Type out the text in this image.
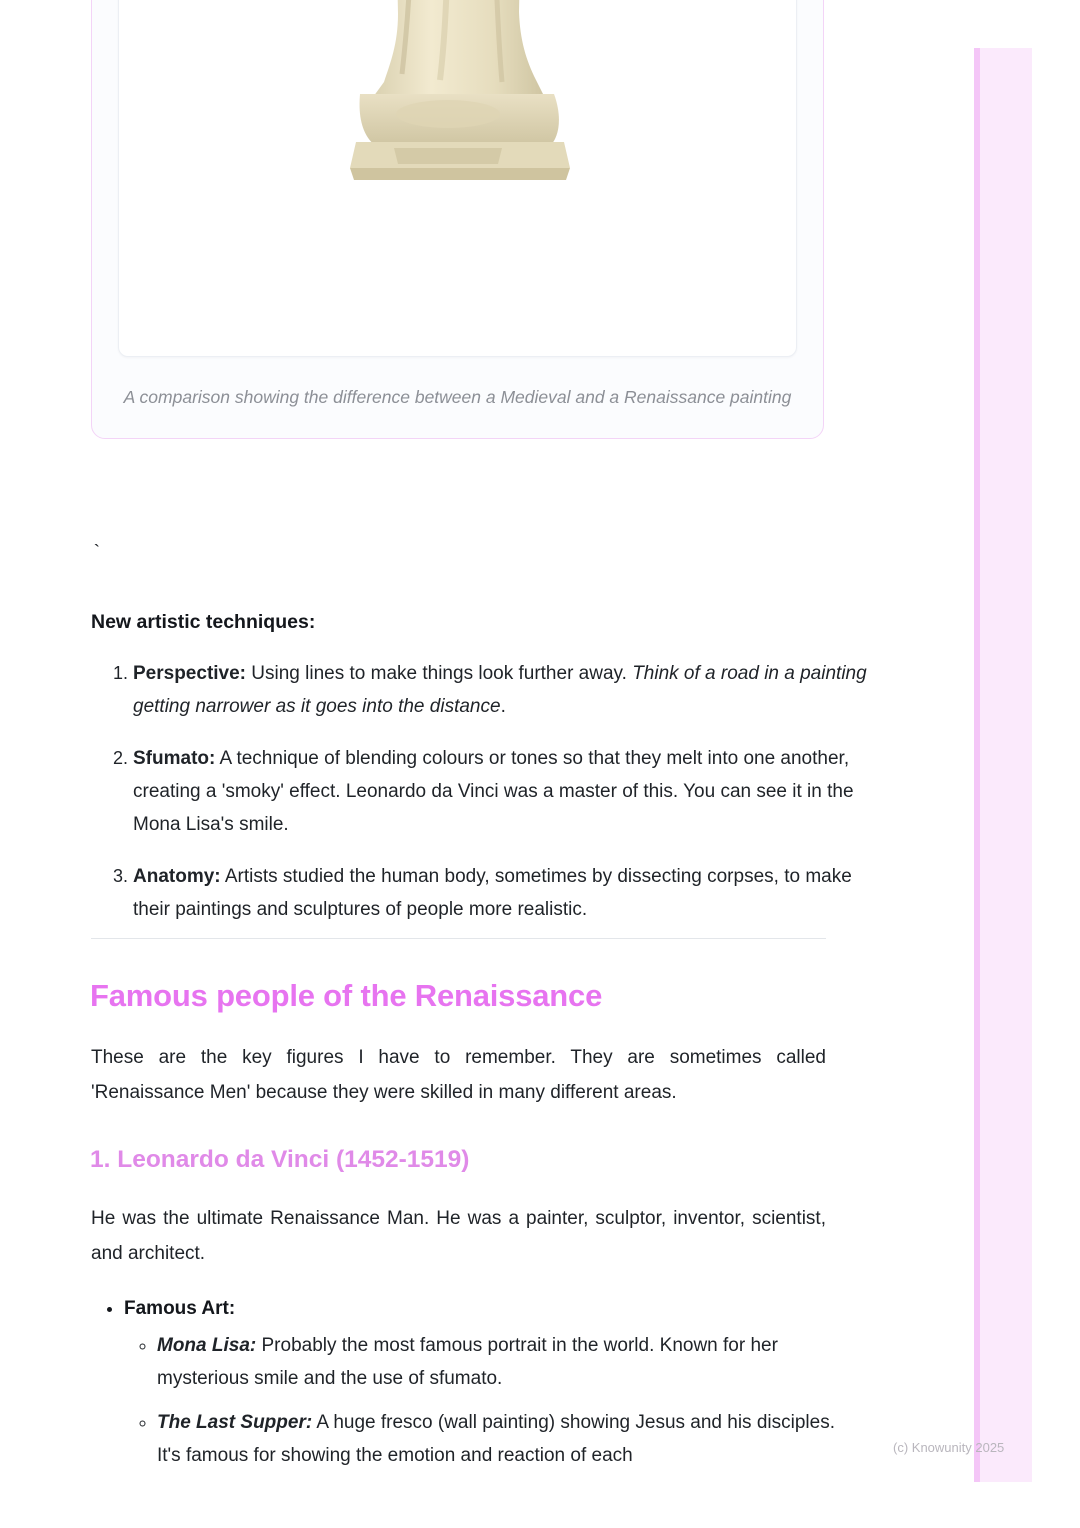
A comparison showing the difference between a Medieval and a Renaissance painting
`
New artistic techniques:
1. Perspective: Using lines to make things look further away. Think of a road in a painting getting narrower as it goes into the distance.
2. Sfumato: A technique of blending colours or tones so that they melt into one another, creating a 'smoky' effect. Leonardo da Vinci was a master of this. You can see it in the Mona Lisa's smile.
3. Anatomy: Artists studied the human body, sometimes by dissecting corpses, to make their paintings and sculptures of people more realistic.
Famous people of the Renaissance
These are the key figures I have to remember. They are sometimes called 'Renaissance Men' because they were skilled in many different areas.
1. Leonardo da Vinci (1452-1519)
He was the ultimate Renaissance Man. He was a painter, sculptor, inventor, scientist, and architect.
• Famous Art:
◦ Mona Lisa: Probably the most famous portrait in the world. Known for her mysterious smile and the use of sfumato.
◦ The Last Supper: A huge fresco (wall painting) showing Jesus and his disciples. It's famous for showing the emotion and reaction of each	(c) Knowunity 2025
